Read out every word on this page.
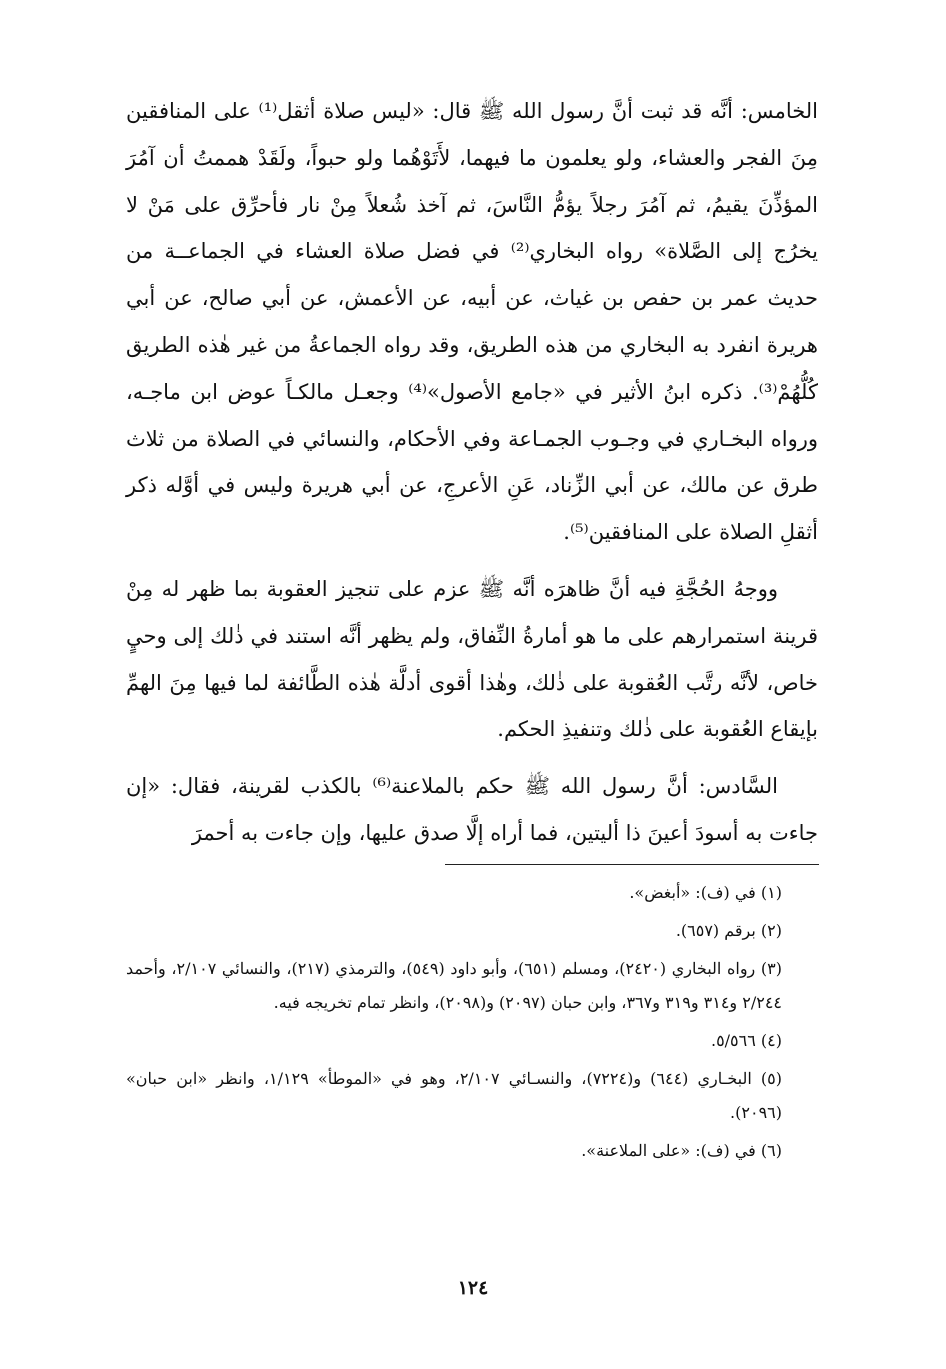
الخامس: أنَّه قد ثبت أنَّ رسول الله ﷺ قال: «ليس صلاة أثقل⁽¹⁾ على المنافقين مِنَ الفجر والعشاء، ولو يعلمون ما فيهما، لأَتَوْهُما ولو حبواً، ولَقَدْ هممتُ أن آمُرَ المؤذِّنَ يقيمُ، ثم آمُرَ رجلاً يؤمُّ النَّاسَ، ثم آخذ شُعلاً مِنْ نار فأحرِّق على مَنْ لا يخرُج إلى الصَّلاة» رواه البخاري⁽²⁾ في فضل صلاة العشاء في الجماعــة من حديث عمر بن حفص بن غياث، عن أبيه، عن الأعمش، عن أبي صالح، عن أبي هريرة انفرد به البخاري من هذه الطريق، وقد رواه الجماعةُ من غير هٰذه الطريق كُلُّهُمْ⁽³⁾. ذكره ابنُ الأثير في «جامع الأصول»⁽⁴⁾ وجعـل مالكـاً عوض ابن ماجـه، ورواه البخـاري في وجـوب الجمـاعة وفي الأحكام، والنسائي في الصلاة من ثلاث طرق عن مالك، عن أبي الزِّناد، عَنِ الأعرجِ، عن أبي هريرة وليس في أوَّله ذكر أثقلِ الصلاة على المنافقين⁽⁵⁾.

ووجهُ الحُجَّةِ فيه أنَّ ظاهرَه أنَّه ﷺ عزم على تنجيز العقوبة بما ظهر له مِنْ قرينة استمرارهم على ما هو أمارةُ النِّفاق، ولم يظهر أنَّه استند في ذٰلك إلى وحيٍ خاص، لأنَّه رتَّب العُقوبة على ذٰلك، وهٰذا أقوى أدلَّة هٰذه الطَّائفة لما فيها مِنَ الهمِّ بإيقاع العُقوبة على ذٰلك وتنفيذِ الحكم.

السَّادس: أنَّ رسول الله ﷺ حكم بالملاعنة⁽⁶⁾ بالكذب لقرينة، فقال: «إن جاءت به أسودَ أعينَ ذا أليتين، فما أراه إلَّا صدق عليها، وإن جاءت به أحمرَ

(١) في (ف): «أبغض».

(٢) برقم (٦٥٧).

(٣) رواه البخاري (٢٤٢٠)، ومسلم (٦٥١)، وأبو داود (٥٤٩)، والترمذي (٢١٧)، والنسائي ٢/١٠٧، وأحمد ٢/٢٤٤ و٣١٤ و٣١٩ و٣٦٧، وابن حبان (٢٠٩٧) و(٢٠٩٨)، وانظر تمام تخريجه فيه.

(٤) ٥/٥٦٦.

(٥) البخـاري (٦٤٤) و(٧٢٢٤)، والنسـائي ٢/١٠٧، وهو في «الموطأ» ١/١٢٩، وانظر «ابن حبان» (٢٠٩٦).

(٦) في (ف): «على الملاعنة».

١٢٤
